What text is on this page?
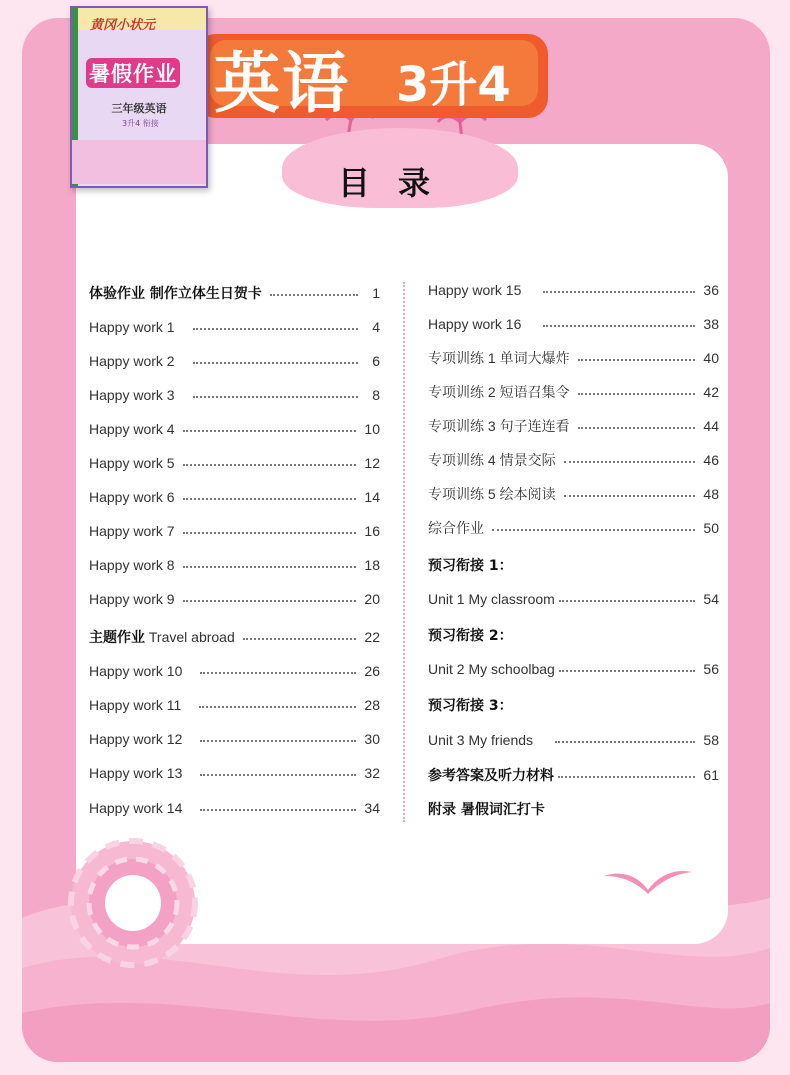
目录
英语 3升4
黄冈小状元
暑假作业
三年级英语
3升4 衔接
体验作业 制作立体生日贺卡	1
Happy work 1	4
Happy work 2	6
Happy work 3	8
Happy work 4	10
Happy work 5	12
Happy work 6	14
Happy work 7	16
Happy work 8	18
Happy work 9	20
主题作业 Travel abroad	22
Happy work 10	26
Happy work 11	28
Happy work 12	30
Happy work 13	32
Happy work 14	34
Happy work 15	36
Happy work 16	38
专项训练 1 单词大爆炸	40
专项训练 2 短语召集令	42
专项训练 3 句子连连看	44
专项训练 4 情景交际	46
专项训练 5 绘本阅读	48
综合作业	50
预习衔接 1：
Unit 1 My classroom	54
预习衔接 2：
Unit 2 My schoolbag	56
预习衔接 3：
Unit 3 My friends	58
参考答案及听力材料	61
附录 暑假词汇打卡
